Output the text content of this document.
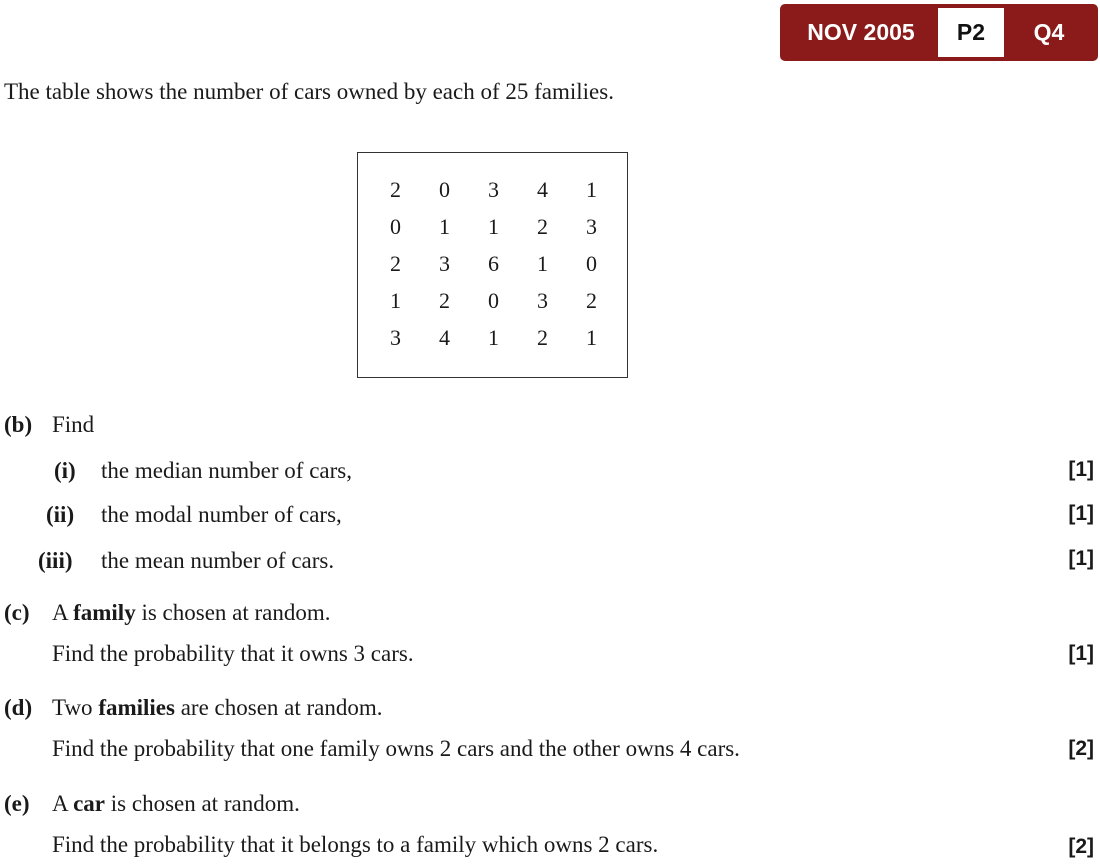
NOV 2005	P2	Q4
The table shows the number of cars owned by each of 25 families.
2	0	3	4	1
0	1	1	2	3
2	3	6	1	0
1	2	0	3	2
3	4	1	2	1
(b) Find
(i) the median number of cars,	[1]
(ii) the modal number of cars,	[1]
(iii) the mean number of cars.	[1]
(c) A family is chosen at random.
Find the probability that it owns 3 cars.	[1]
(d) Two families are chosen at random.
Find the probability that one family owns 2 cars and the other owns 4 cars.	[2]
(e) A car is chosen at random.
Find the probability that it belongs to a family which owns 2 cars.	[2]
